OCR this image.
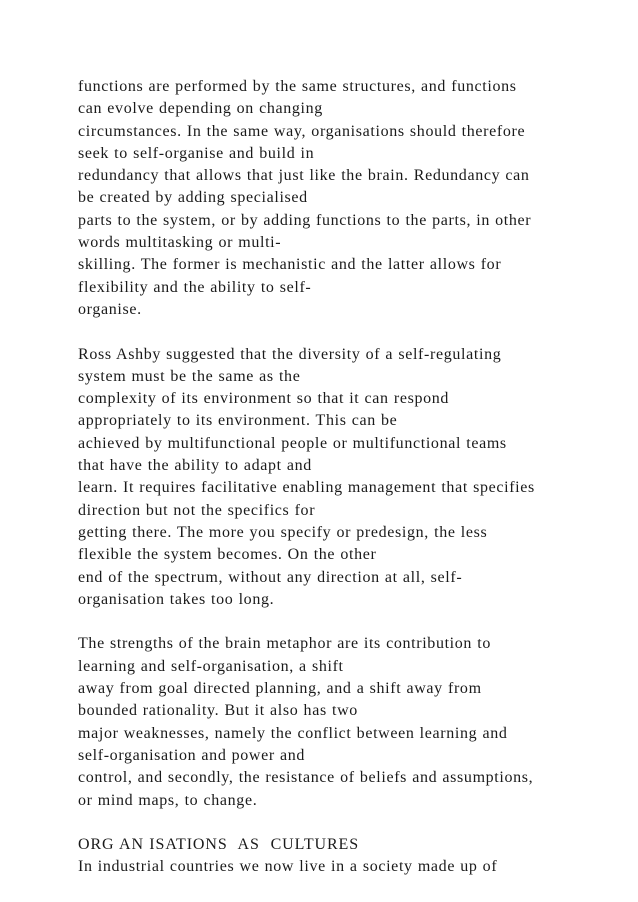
functions are performed by the same structures, and functions
can evolve depending on changing
circumstances. In the same way, organisations should therefore
seek to self-organise and build in
redundancy that allows that just like the brain. Redundancy can
be created by adding specialised
parts to the system, or by adding functions to the parts, in other
words multitasking or multi-
skilling. The former is mechanistic and the latter allows for
flexibility and the ability to self-
organise.
Ross Ashby suggested that the diversity of a self-regulating
system must be the same as the
complexity of its environment so that it can respond
appropriately to its environment. This can be
achieved by multifunctional people or multifunctional teams
that have the ability to adapt and
learn. It requires facilitative enabling management that specifies
direction but not the specifics for
getting there. The more you specify or predesign, the less
flexible the system becomes. On the other
end of the spectrum, without any direction at all, self-
organisation takes too long.
The strengths of the brain metaphor are its contribution to
learning and self-organisation, a shift
away from goal directed planning, and a shift away from
bounded rationality. But it also has two
major weaknesses, namely the conflict between learning and
self-organisation and power and
control, and secondly, the resistance of beliefs and assumptions,
or mind maps, to change.
ORG AN ISATIONS  AS  CULTURES
In industrial countries we now live in a society made up of
